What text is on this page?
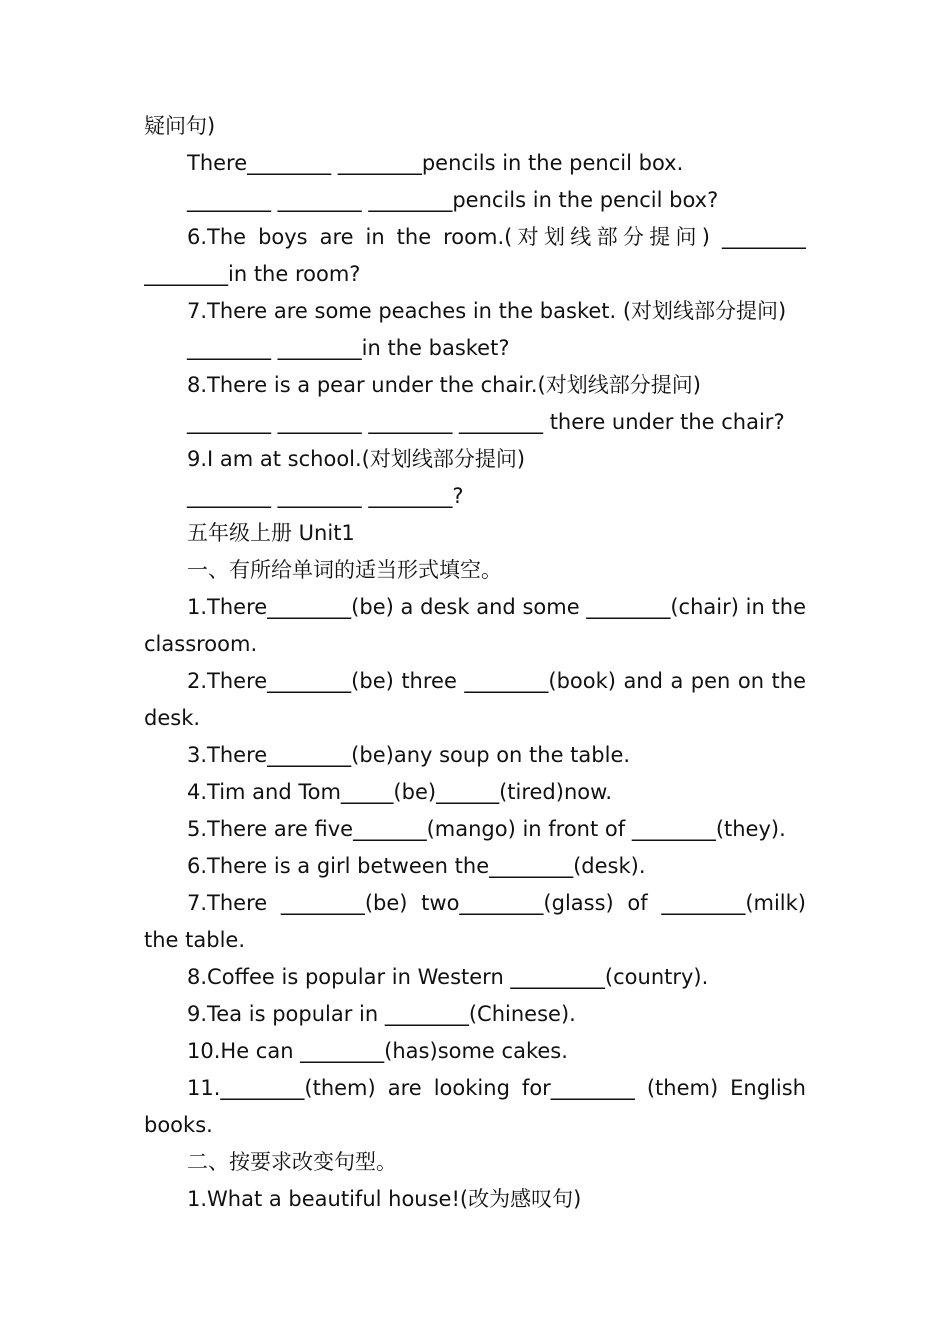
疑问句)
There________ ________pencils in the pencil box.
________ ________ ________pencils in the pencil box?
6.The boys are in the room.(对划线部分提问) ________
________in the room?
7.There are some peaches in the basket. (对划线部分提问)
________ ________in the basket?
8.There is a pear under the chair.(对划线部分提问)
________ ________ ________ ________ there under the chair?
9.I am at school.(对划线部分提问)
________ ________ ________?
五年级上册 Unit1
一、有所给单词的适当形式填空。
1.There________(be) a desk and some ________(chair) in the
classroom.
2.There________(be) three ________(book) and a pen on the
desk.
3.There________(be)any soup on the table.
4.Tim and Tom_____(be)______(tired)now.
5.There are five_______(mango) in front of ________(they).
6.There is a girl between the________(desk).
7.There ________(be) two________(glass) of ________(milk)
the table.
8.Coffee is popular in Western _________(country).
9.Tea is popular in ________(Chinese).
10.He can ________(has)some cakes.
11.________(them) are looking for________ (them) English
books.
二、按要求改变句型。
1.What a beautiful house!(改为感叹句)
